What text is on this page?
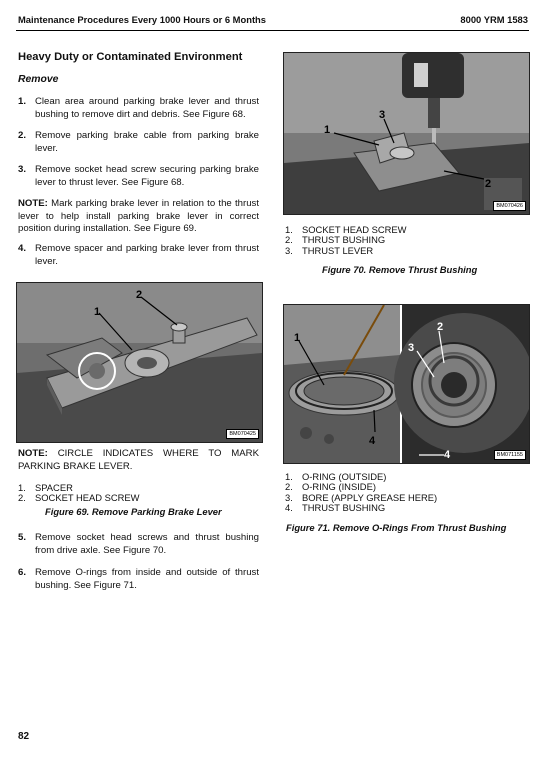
Maintenance Procedures Every 1000 Hours or 6 Months	8000 YRM 1583
Heavy Duty or Contaminated Environment
Remove
1. Clean area around parking brake lever and thrust bushing to remove dirt and debris. See Figure 68.
2. Remove parking brake cable from parking brake lever.
3. Remove socket head screw securing parking brake lever to thrust lever. See Figure 68.
NOTE: Mark parking brake lever in relation to the thrust lever to help install parking brake lever in correct position during installation. See Figure 69.
4. Remove spacer and parking brake lever from thrust lever.
1
2
BM070425
NOTE: CIRCLE INDICATES WHERE TO MARK PARKING BRAKE LEVER.
1. SPACER
2. SOCKET HEAD SCREW
Figure 69. Remove Parking Brake Lever
5. Remove socket head screws and thrust bushing from drive axle. See Figure 70.
6. Remove O-rings from inside and outside of thrust bushing. See Figure 71.
1
2
3
BM070426
1. SOCKET HEAD SCREW
2. THRUST BUSHING
3. THRUST LEVER
Figure 70. Remove Thrust Bushing
1
2
3
4
4	BM071155
1. O-RING (OUTSIDE)
2. O-RING (INSIDE)
3. BORE (APPLY GREASE HERE)
4. THRUST BUSHING
Figure 71. Remove O-Rings From Thrust Bushing
82
